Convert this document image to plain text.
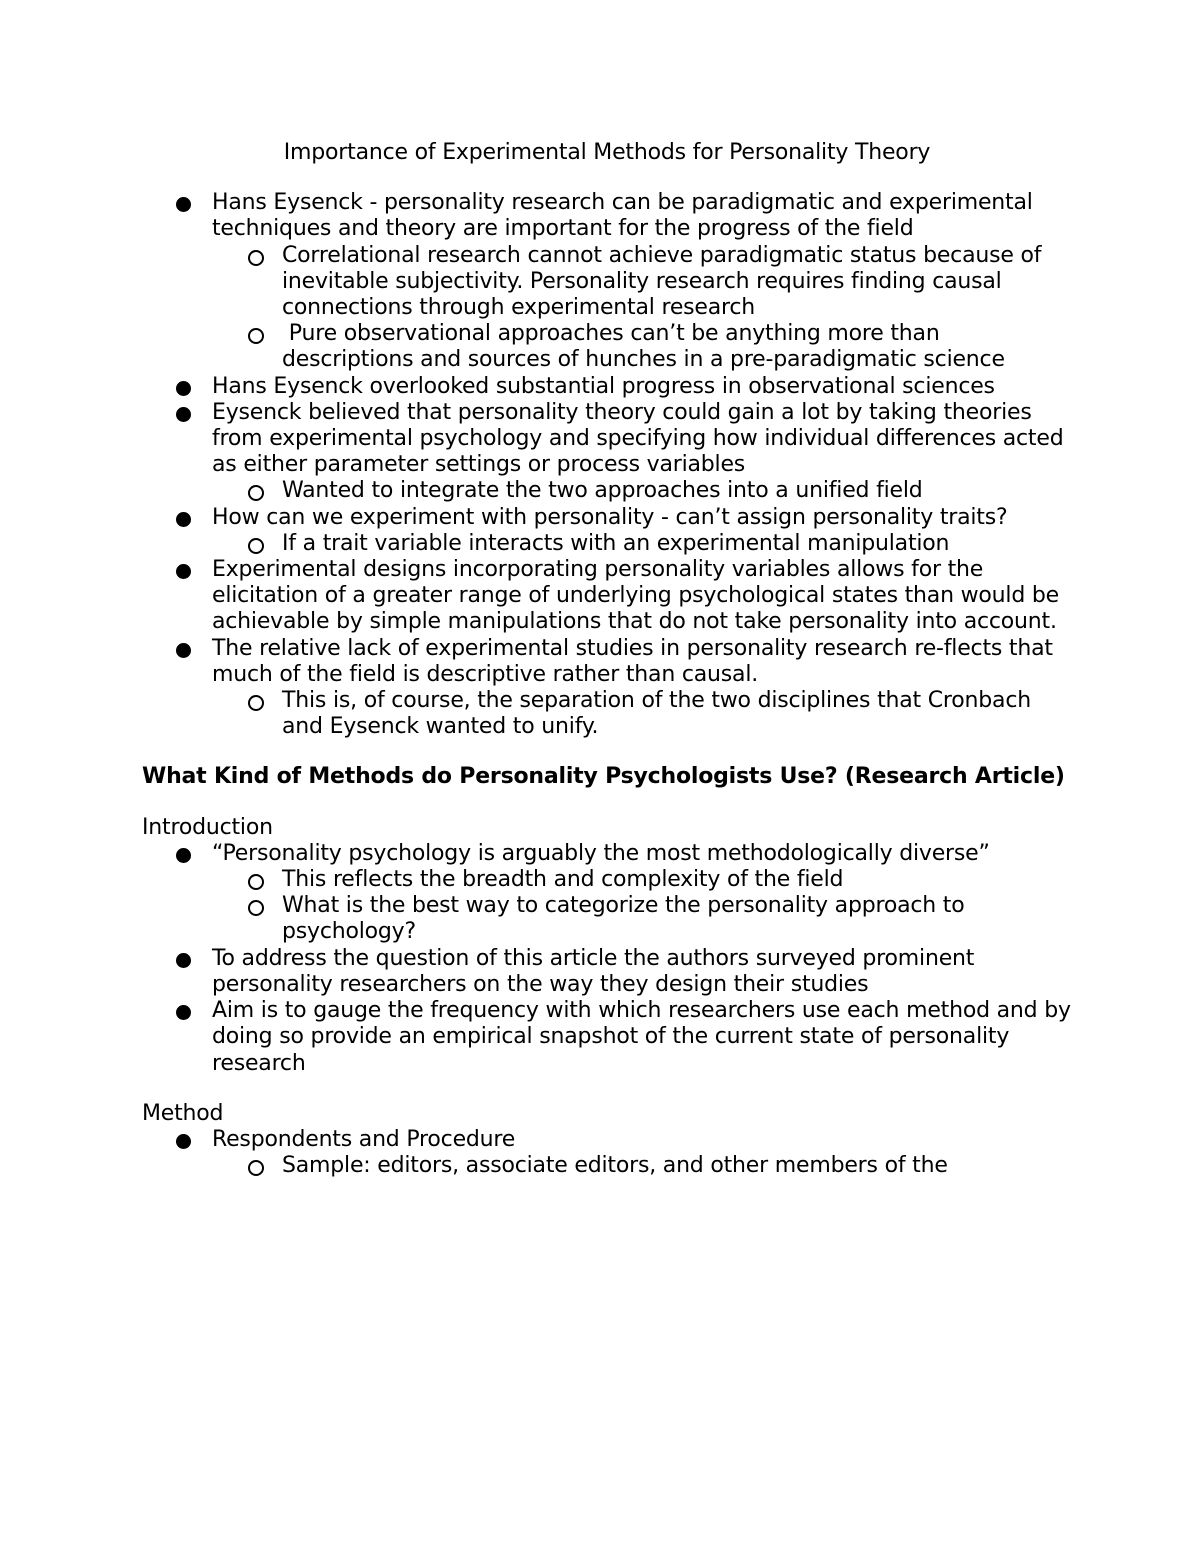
Importance of Experimental Methods for Personality Theory
Hans Eysenck - personality research can be paradigmatic and experimental techniques and theory are important for the progress of the field
Correlational research cannot achieve paradigmatic status because of inevitable subjectivity. Personality research requires finding causal connections through experimental research
Pure observational approaches can’t be anything more than descriptions and sources of hunches in a pre-paradigmatic science
Hans Eysenck overlooked substantial progress in observational sciences
Eysenck believed that personality theory could gain a lot by taking theories from experimental psychology and specifying how individual differences acted as either parameter settings or process variables
Wanted to integrate the two approaches into a unified field
How can we experiment with personality - can’t assign personality traits?
If a trait variable interacts with an experimental manipulation
Experimental designs incorporating personality variables allows for the elicitation of a greater range of underlying psychological states than would be achievable by simple manipulations that do not take personality into account.
The relative lack of experimental studies in personality research re-flects that much of the field is descriptive rather than causal.
This is, of course, the separation of the two disciplines that Cronbach and Eysenck wanted to unify.
What Kind of Methods do Personality Psychologists Use? (Research Article)
Introduction
“Personality psychology is arguably the most methodologically diverse”
This reflects the breadth and complexity of the field
What is the best way to categorize the personality approach to psychology?
To address the question of this article the authors surveyed prominent personality researchers on the way they design their studies
Aim is to gauge the frequency with which researchers use each method and by doing so provide an empirical snapshot of the current state of personality research
Method
Respondents and Procedure
Sample: editors, associate editors, and other members of the
